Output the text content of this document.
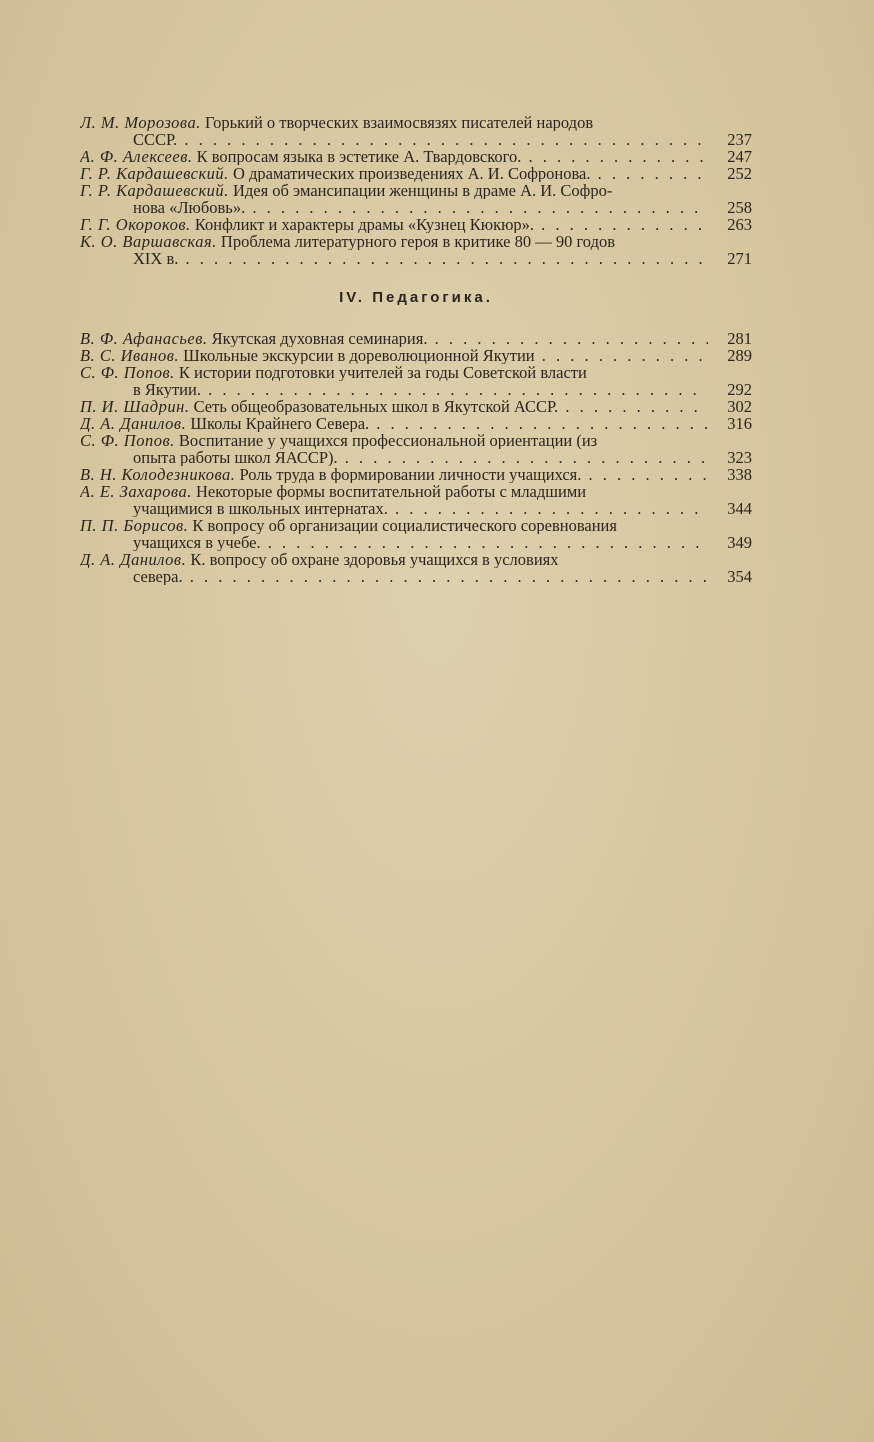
Л. М. Морозова. Горький о творческих взаимосвязях писателей народов
СССР. . . .	237
А. Ф. Алексеев. К вопросам языка в эстетике А. Твардовского. . . .	247
Г. Р. Кардашевский. О драматических произведениях А. И. Софронова. . . .	252
Г. Р. Кардашевский. Идея об эмансипации женщины в драме А. И. Софро-
нова «Любовь». . . .	258
Г. Г. Окороков. Конфликт и характеры драмы «Кузнец Кюкюр». . . .	263
К. О. Варшавская. Проблема литературного героя в критике 80 — 90 годов
XIX в. . . .	271
IV. Педагогика.
В. Ф. Афанасьев. Якутская духовная семинария. . . .	281
В. С. Иванов. Школьные экскурсии в дореволюционной Якутии . . .	289
С. Ф. Попов. К истории подготовки учителей за годы Советской власти
в Якутии. . . .	292
П. И. Шадрин. Сеть общеобразовательных школ в Якутской АССР. . . .	302
Д. А. Данилов. Школы Крайнего Севера. . . .	316
С. Ф. Попов. Воспитание у учащихся профессиональной ориентации (из
опыта работы школ ЯАССР). . . .	323
В. Н. Колодезникова. Роль труда в формировании личности учащихся. . . .	338
А. Е. Захарова. Некоторые формы воспитательной работы с младшими
учащимися в школьных интернатах. . . .	344
П. П. Борисов. К вопросу об организации социалистического соревнования
учащихся в учебе. . . .	349
Д. А. Данилов. К. вопросу об охране здоровья учащихся в условиях
севера. . . .	354
